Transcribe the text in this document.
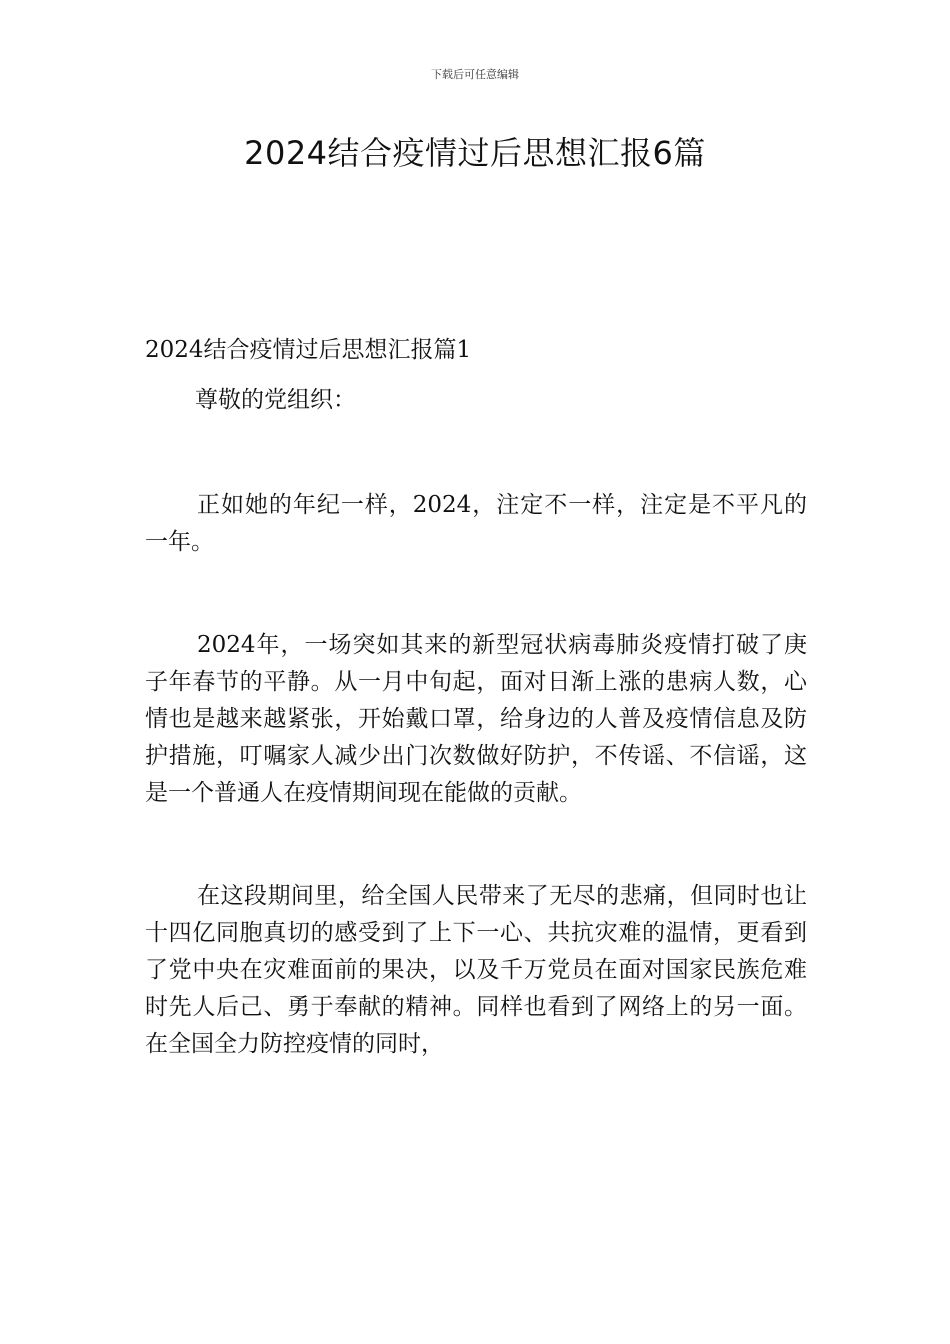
下载后可任意编辑
2024结合疫情过后思想汇报6篇
2024结合疫情过后思想汇报篇1

尊敬的党组织：

正如她的年纪一样，2024，注定不一样，注定是不平凡的一年。

2024年，一场突如其来的新型冠状病毒肺炎疫情打破了庚子年春节的平静。从一月中旬起，面对日渐上涨的患病人数，心情也是越来越紧张，开始戴口罩，给身边的人普及疫情信息及防护措施，叮嘱家人减少出门次数做好防护，不传谣、不信谣，这是一个普通人在疫情期间现在能做的贡献。

在这段期间里，给全国人民带来了无尽的悲痛，但同时也让十四亿同胞真切的感受到了上下一心、共抗灾难的温情，更看到了党中央在灾难面前的果决，以及千万党员在面对国家民族危难时先人后己、勇于奉献的精神。同样也看到了网络上的另一面。在全国全力防控疫情的同时，
